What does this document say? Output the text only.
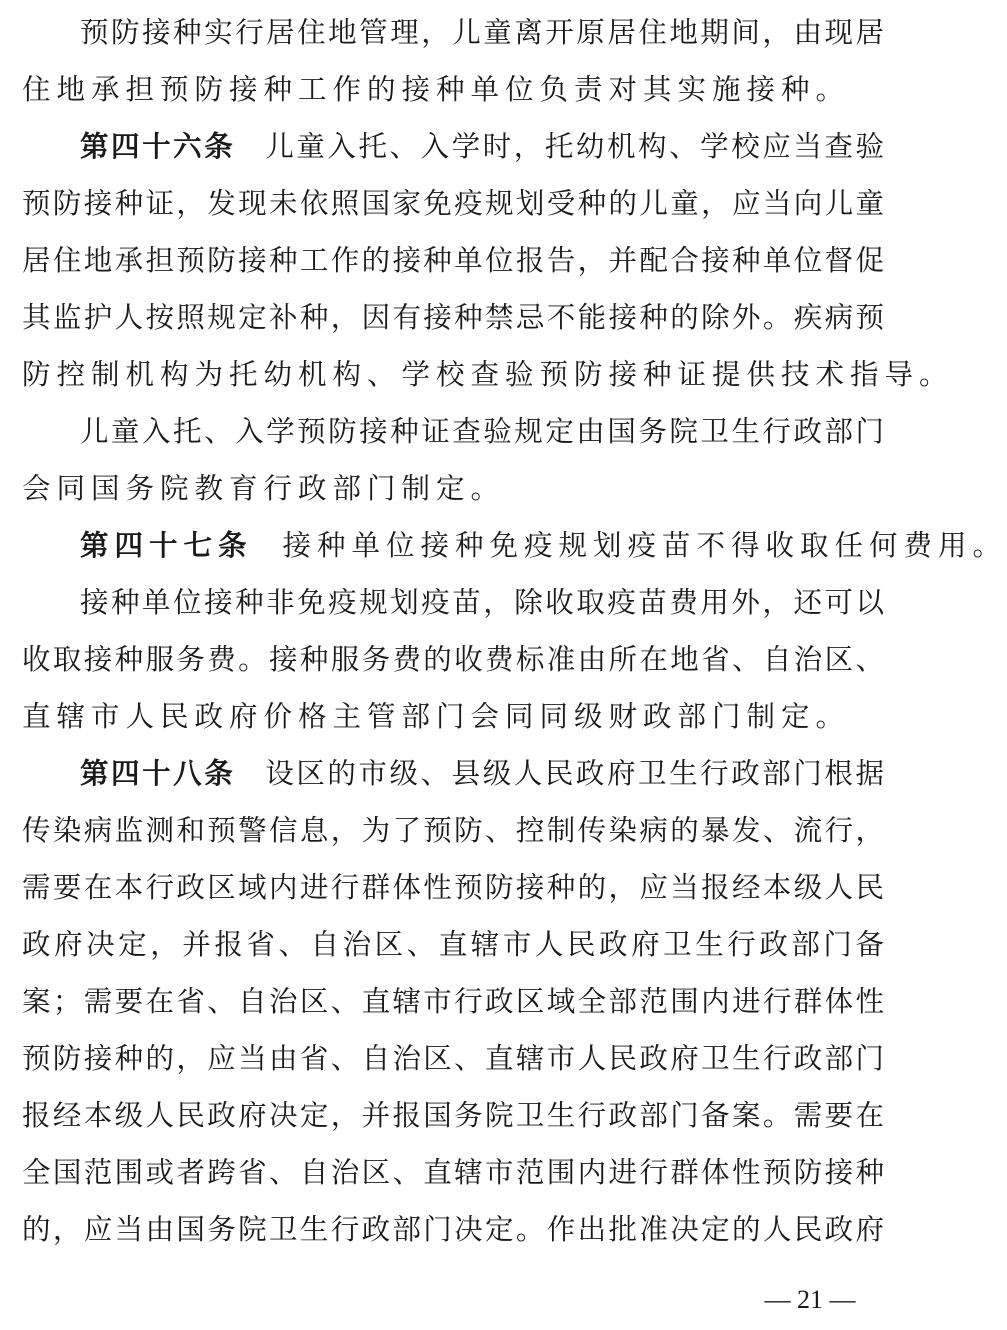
预防接种实行居住地管理，儿童离开原居住地期间，由现居
住地承担预防接种工作的接种单位负责对其实施接种。
第四十六条 儿童入托、入学时，托幼机构、学校应当查验
预防接种证，发现未依照国家免疫规划受种的儿童，应当向儿童
居住地承担预防接种工作的接种单位报告，并配合接种单位督促
其监护人按照规定补种，因有接种禁忌不能接种的除外。疾病预
防控制机构为托幼机构、学校查验预防接种证提供技术指导。
儿童入托、入学预防接种证查验规定由国务院卫生行政部门
会同国务院教育行政部门制定。
第四十七条 接种单位接种免疫规划疫苗不得收取任何费用。
接种单位接种非免疫规划疫苗，除收取疫苗费用外，还可以
收取接种服务费。接种服务费的收费标准由所在地省、自治区、
直辖市人民政府价格主管部门会同同级财政部门制定。
第四十八条 设区的市级、县级人民政府卫生行政部门根据
传染病监测和预警信息，为了预防、控制传染病的暴发、流行，
需要在本行政区域内进行群体性预防接种的，应当报经本级人民
政府决定，并报省、自治区、直辖市人民政府卫生行政部门备
案；需要在省、自治区、直辖市行政区域全部范围内进行群体性
预防接种的，应当由省、自治区、直辖市人民政府卫生行政部门
报经本级人民政府决定，并报国务院卫生行政部门备案。需要在
全国范围或者跨省、自治区、直辖市范围内进行群体性预防接种
的，应当由国务院卫生行政部门决定。作出批准决定的人民政府
— 21 —
